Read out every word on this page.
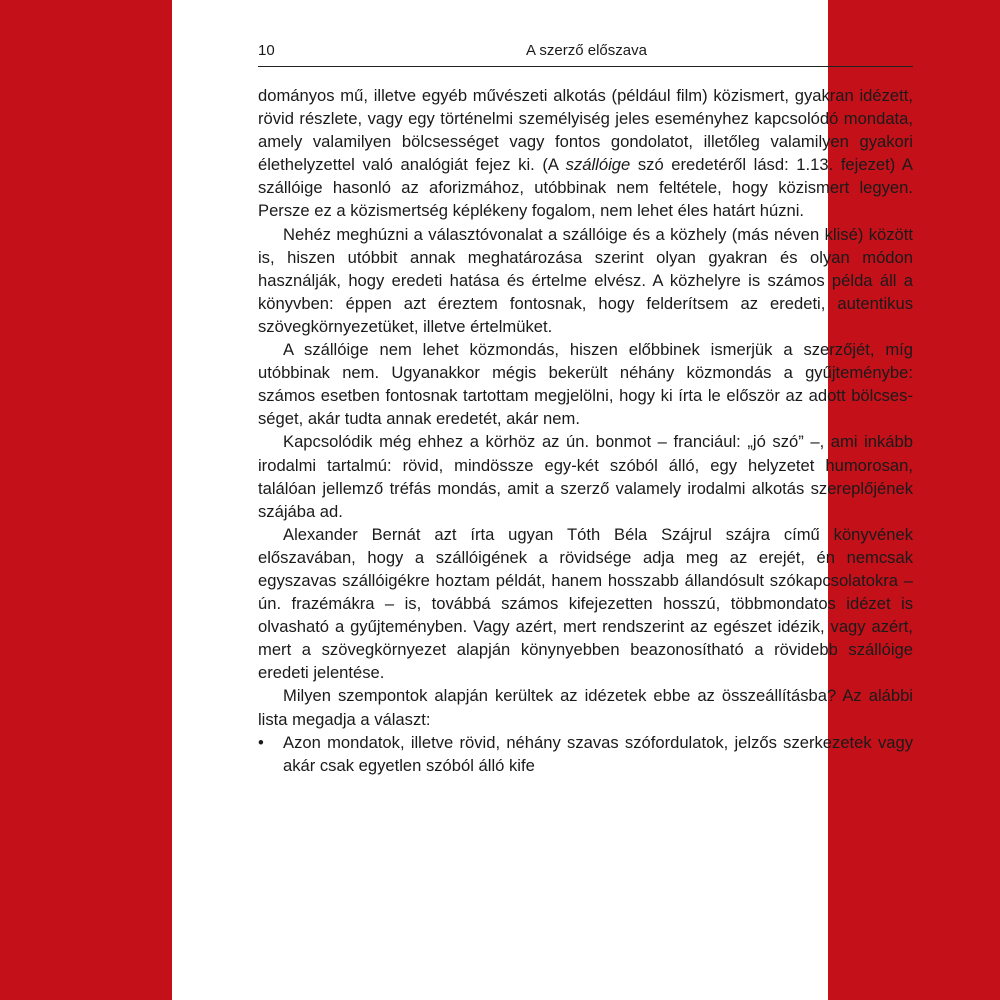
10	A szerző előszava

dományos mű, illetve egyéb művészeti alkotás (például film) közismert, gyakran idézett, rövid részlete, vagy egy történelmi személyiség jeles eseményhez kapcsolódó mondata, amely valamilyen bölcsességet vagy fontos gondolatot, illetőleg valamilyen gyakori élethelyzettel való analógiát fejez ki. (A szállóige szó eredetéről lásd: 1.13. fejezet) A szállóige hasonló az aforizmához, utóbbinak nem feltétele, hogy közismert legyen. Persze ez a közismertség képlékeny fogalom, nem lehet éles határt húzni.

Nehéz meghúzni a választóvonalat a szállóige és a közhely (más néven klisé) között is, hiszen utóbbit annak meghatározása szerint olyan gyakran és olyan módon használják, hogy eredeti hatása és értelme elvész. A közhelyre is számos példa áll a könyvben: éppen azt éreztem fontosnak, hogy felderítsem az eredeti, autentikus szövegkörnyezetüket, illetve értelmüket.

A szállóige nem lehet közmondás, hiszen előbbinek ismerjük a szerzőjét, míg utóbbinak nem. Ugyanakkor mégis bekerült néhány közmondás a gyűjteménybe: számos esetben fontosnak tartottam megjelölni, hogy ki írta le először az adott bölcsességet, akár tudta annak eredetét, akár nem.

Kapcsolódik még ehhez a körhöz az ún. bonmot – franciául: „jó szó” –, ami inkább irodalmi tartalmú: rövid, mindössze egy-két szóból álló, egy helyzetet humorosan, találóan jellemző tréfás mondás, amit a szerző valamely irodalmi alkotás szereplőjének szájába ad.

Alexander Bernát azt írta ugyan Tóth Béla Szájrul szájra című könyvének előszavában, hogy a szállóigének a rövidsége adja meg az erejét, én nemcsak egyszavas szállóigékre hoztam példát, hanem hosszabb állandósult szókapcsolatokra – ún. frazémákra – is, továbbá számos kifejezetten hosszú, többmondatos idézet is olvasható a gyűjteményben. Vagy azért, mert rendszerint az egészet idézik, vagy azért, mert a szövegkörnyezet alapján könynyebben beazonosítható a rövidebb szállóige eredeti jelentése.

Milyen szempontok alapján kerültek az idézetek ebbe az összeállításba? Az alábbi lista megadja a választ:

• Azon mondatok, illetve rövid, néhány szavas szófordulatok, jelzős szerkezetek vagy akár csak egyetlen szóból álló kife
